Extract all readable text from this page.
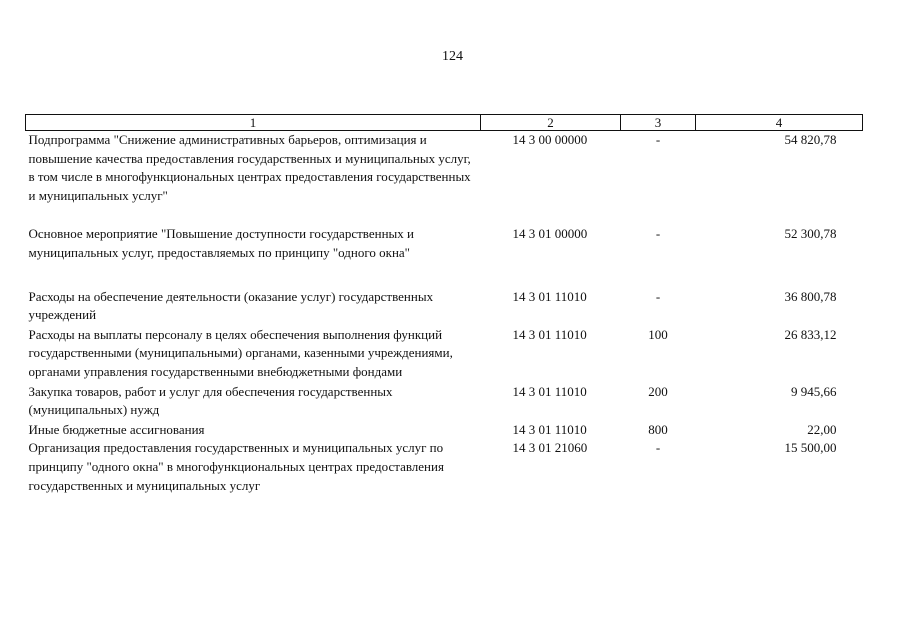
124
1	2	3	4
Подпрограмма "Снижение административных барьеров, оптимизация и повышение качества предоставления государственных и муниципальных услуг, в том числе в многофункциональных центрах предоставления государственных и муниципальных услуг"	14 3 00 00000	-	54 820,78
Основное мероприятие "Повышение доступности государственных и муниципальных услуг, предоставляемых по принципу "одного окна"	14 3 01 00000	-	52 300,78
Расходы на обеспечение деятельности (оказание услуг) государственных учреждений	14 3 01 11010	-	36 800,78
Расходы на выплаты персоналу в целях обеспечения выполнения функций государственными (муниципальными) органами, казенными учреждениями, органами управления государственными внебюджетными фондами	14 3 01 11010	100	26 833,12
Закупка товаров, работ и услуг для обеспечения государственных (муниципальных) нужд	14 3 01 11010	200	9 945,66
Иные бюджетные ассигнования	14 3 01 11010	800	22,00
Организация предоставления государственных и муниципальных услуг по принципу "одного окна" в многофункциональных центрах предоставления государственных и муниципальных услуг	14 3 01 21060	-	15 500,00
